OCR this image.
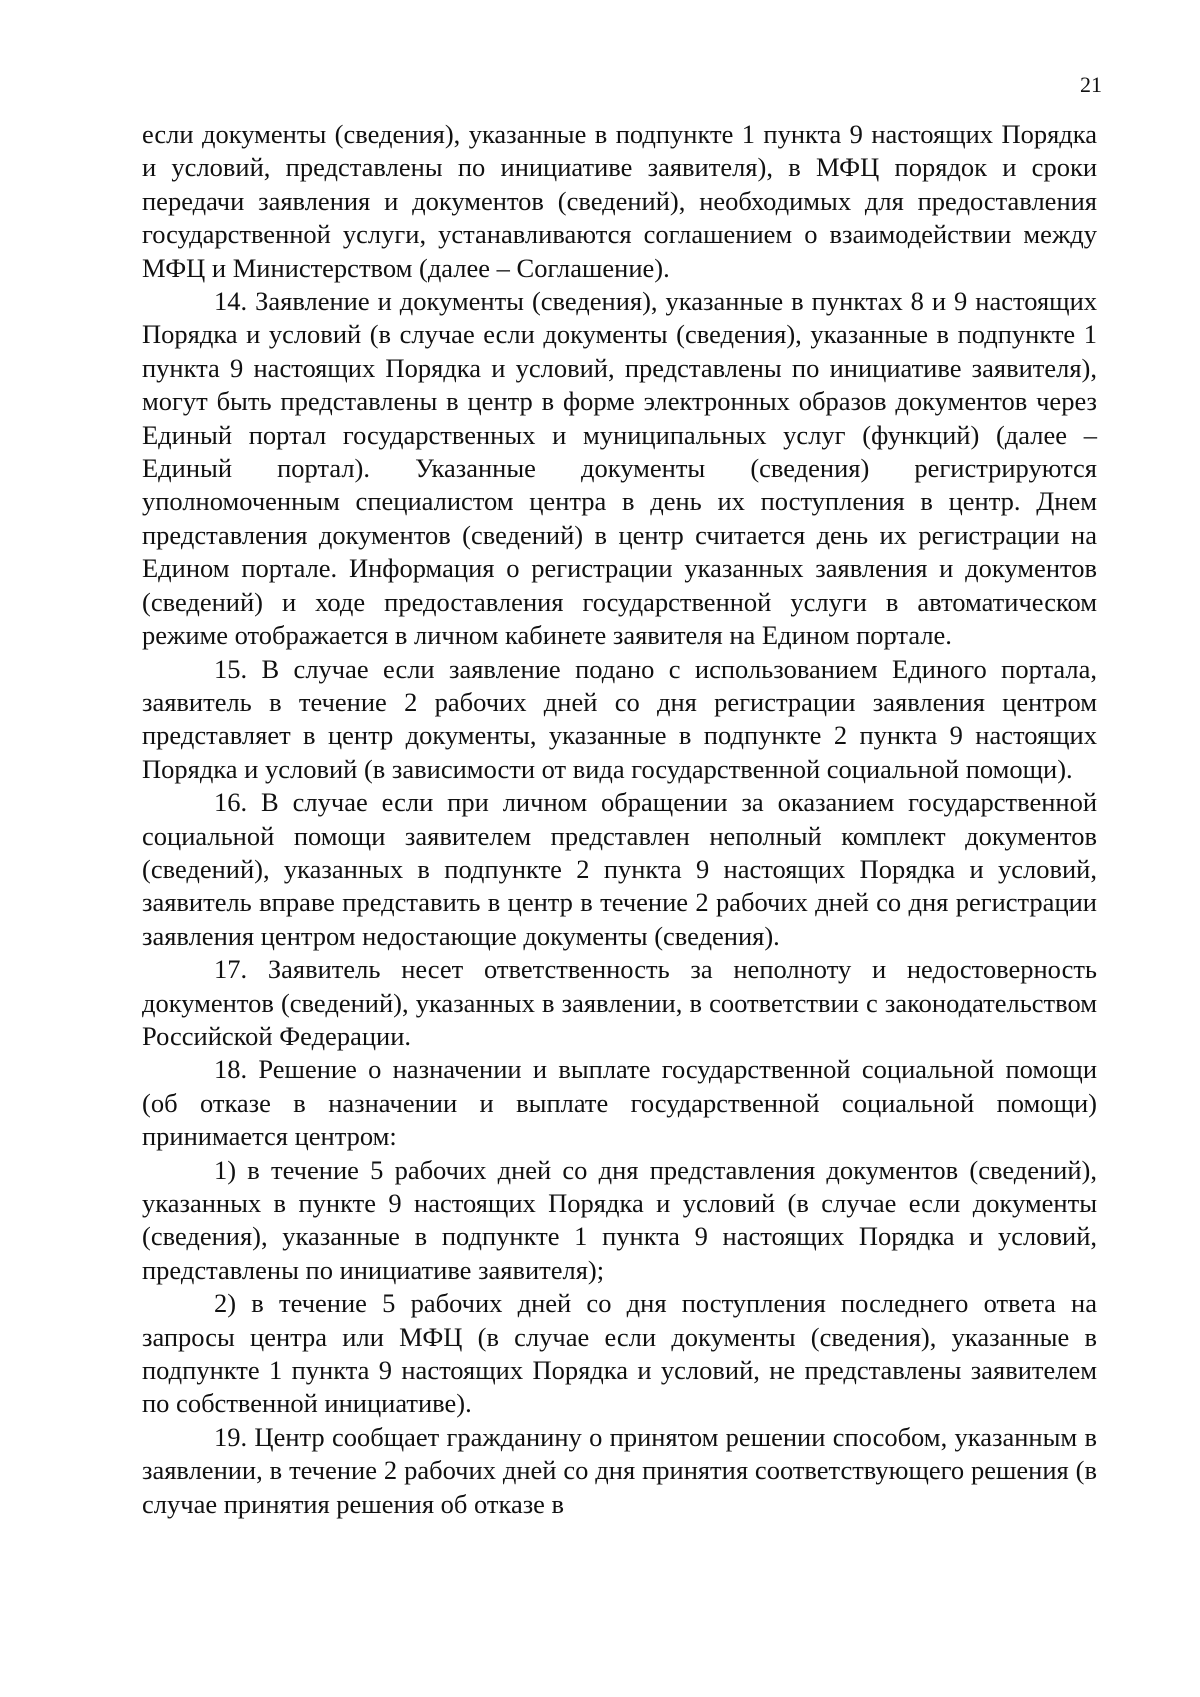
21

если документы (сведения), указанные в подпункте 1 пункта 9 настоящих Порядка и условий, представлены по инициативе заявителя), в МФЦ порядок и сроки передачи заявления и документов (сведений), необходимых для предоставления государственной услуги, устанавливаются соглашением о взаимодействии между МФЦ и Министерством (далее – Соглашение).

14. Заявление и документы (сведения), указанные в пунктах 8 и 9 настоящих Порядка и условий (в случае если документы (сведения), указанные в подпункте 1 пункта 9 настоящих Порядка и условий, представлены по инициативе заявителя), могут быть представлены в центр в форме электронных образов документов через Единый портал государственных и муниципальных услуг (функций) (далее – Единый портал). Указанные документы (сведения) регистрируются уполномоченным специалистом центра в день их поступления в центр. Днем представления документов (сведений) в центр считается день их регистрации на Едином портале. Информация о регистрации указанных заявления и документов (сведений) и ходе предоставления государственной услуги в автоматическом режиме отображается в личном кабинете заявителя на Едином портале.

15. В случае если заявление подано с использованием Единого портала, заявитель в течение 2 рабочих дней со дня регистрации заявления центром представляет в центр документы, указанные в подпункте 2 пункта 9 настоящих Порядка и условий (в зависимости от вида государственной социальной помощи).

16. В случае если при личном обращении за оказанием государственной социальной помощи заявителем представлен неполный комплект документов (сведений), указанных в подпункте 2 пункта 9 настоящих Порядка и условий, заявитель вправе представить в центр в течение 2 рабочих дней со дня регистрации заявления центром недостающие документы (сведения).

17. Заявитель несет ответственность за неполноту и недостоверность документов (сведений), указанных в заявлении, в соответствии с законодательством Российской Федерации.

18. Решение о назначении и выплате государственной социальной помощи (об отказе в назначении и выплате государственной социальной помощи) принимается центром:

1) в течение 5 рабочих дней со дня представления документов (сведений), указанных в пункте 9 настоящих Порядка и условий (в случае если документы (сведения), указанные в подпункте 1 пункта 9 настоящих Порядка и условий, представлены по инициативе заявителя);

2) в течение 5 рабочих дней со дня поступления последнего ответа на запросы центра или МФЦ (в случае если документы (сведения), указанные в подпункте 1 пункта 9 настоящих Порядка и условий, не представлены заявителем по собственной инициативе).

19. Центр сообщает гражданину о принятом решении способом, указанным в заявлении, в течение 2 рабочих дней со дня принятия соответствующего решения (в случае принятия решения об отказе в
